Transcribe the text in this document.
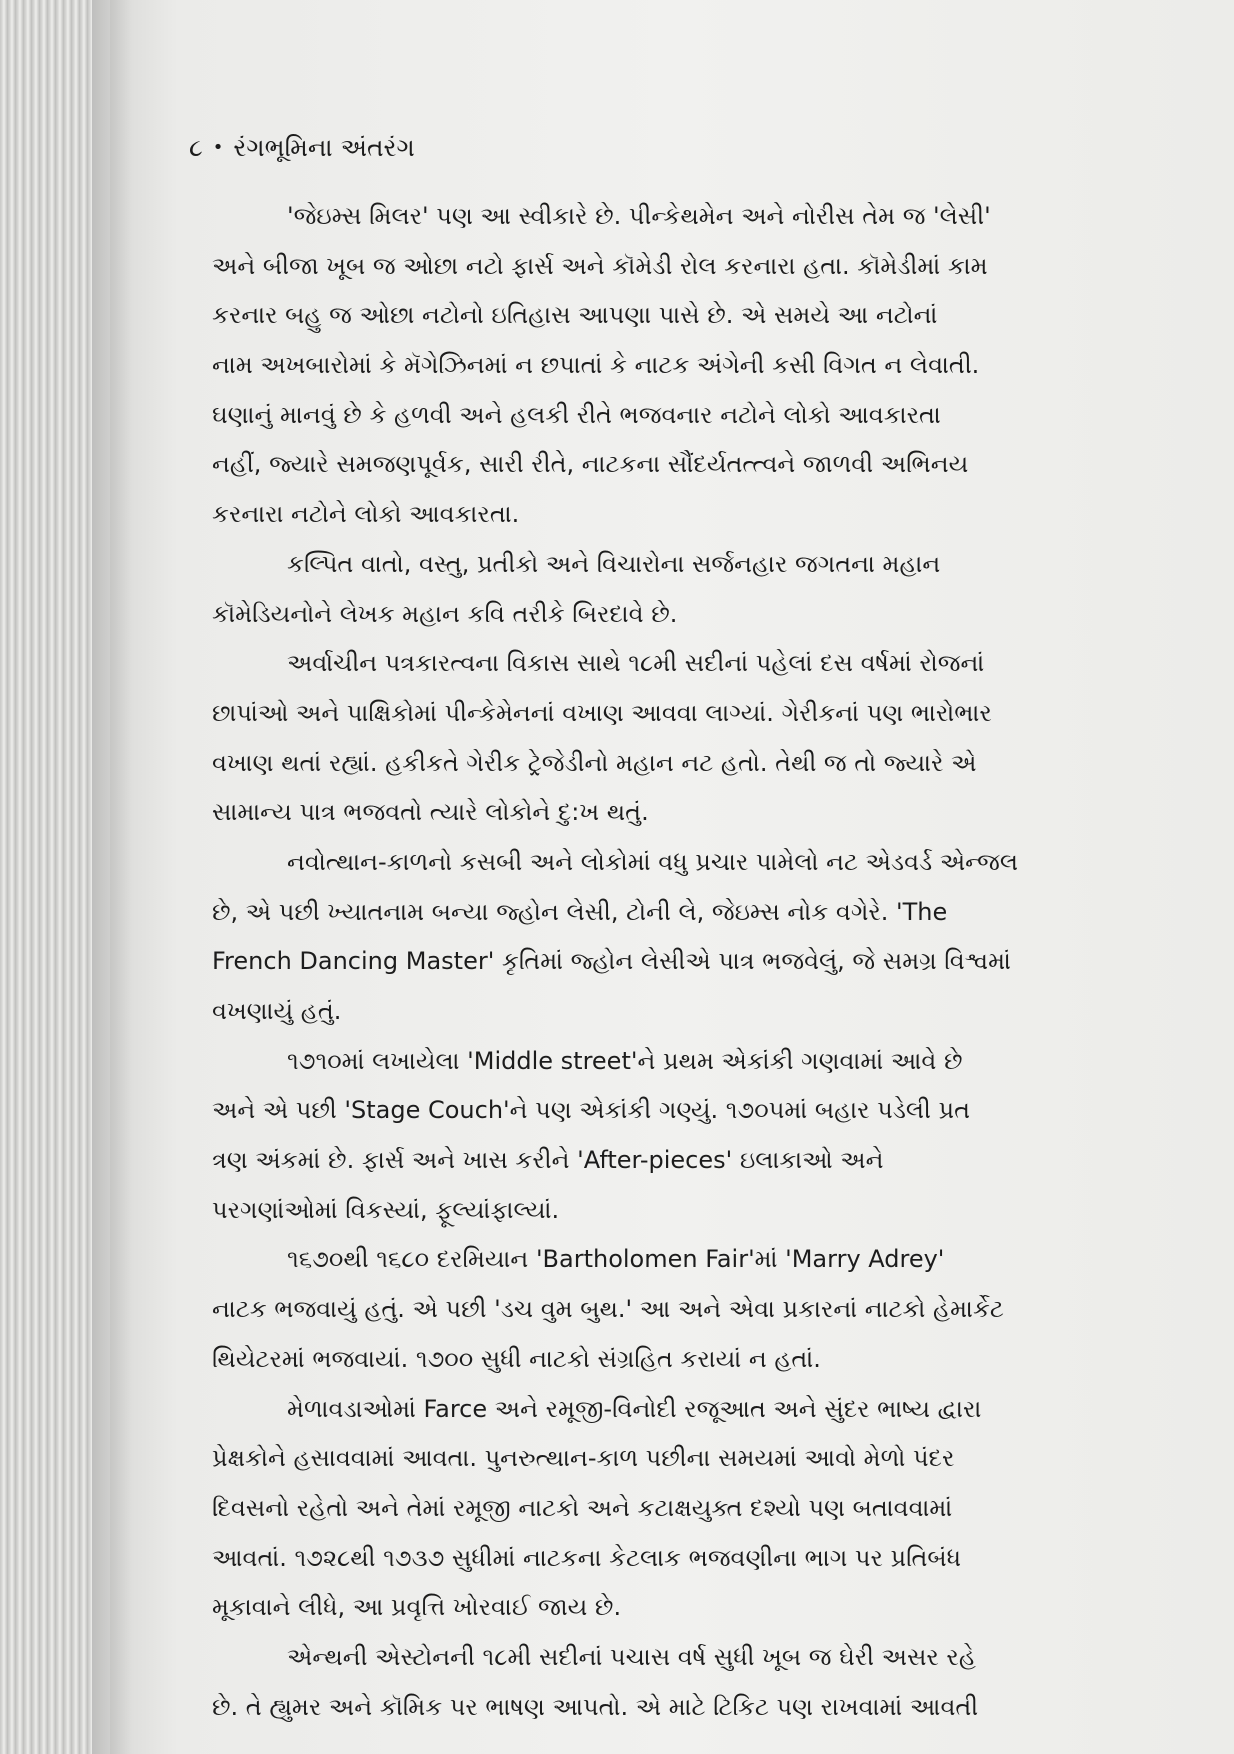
૮ • રંગભૂમિના અંતરંગ
'જેઇમ્સ મિલર' પણ આ સ્વીકારે છે. પીન્કેથમેન અને નોરીસ તેમ જ 'લેસી'
અને બીજા ખૂબ જ ઓછા નટો ફાર્સ અને કૉમેડી રોલ કરનારા હતા. કૉમેડીમાં કામ
કરનાર બહુ જ ઓછા નટોનો ઇતિહાસ આપણા પાસે છે. એ સમયે આ નટોનાં
નામ અખબારોમાં કે મૅગેઝિનમાં ન છપાતાં કે નાટક અંગેની કસી વિગત ન લેવાતી.
ઘણાનું માનવું છે કે હળવી અને હલકી રીતે ભજવનાર નટોને લોકો આવકારતા
નહીં, જ્યારે સમજણપૂર્વક, સારી રીતે, નાટકના સૌંદર્યતત્ત્વને જાળવી અભિનય
કરનારા નટોને લોકો આવકારતા.
કલ્પિત વાતો, વસ્તુ, પ્રતીકો અને વિચારોના સર્જનહાર જગતના મહાન
કૉમેડિયનોને લેખક મહાન કવિ તરીકે બિરદાવે છે.
અર્વાચીન પત્રકારત્વના વિકાસ સાથે ૧૮મી સદીનાં પહેલાં દસ વર્ષમાં રોજનાં
છાપાંઓ અને પાક્ષિકોમાં પીન્કેમેનનાં વખાણ આવવા લાગ્યાં. ગેરીકનાં પણ ભારોભાર
વખાણ થતાં રહ્યાં. હકીકતે ગેરીક ટ્રેજેડીનો મહાન નટ હતો. તેથી જ તો જ્યારે એ
સામાન્ય પાત્ર ભજવતો ત્યારે લોકોને દુ:ખ થતું.
નવોત્થાન-કાળનો કસબી અને લોકોમાં વધુ પ્રચાર પામેલો નટ એડવર્ડ એન્જલ
છે, એ પછી ખ્યાતનામ બન્યા જ્હોન લેસી, ટોની લે, જેઇમ્સ નોક વગેરે. 'The
French Dancing Master' કૃતિમાં જ્હોન લેસીએ પાત્ર ભજવેલું, જે સમગ્ર વિશ્વમાં
વખણાયું હતું.
૧૭૧૦માં લખાયેલા 'Middle street'ને પ્રથમ એકાંકી ગણવામાં આવે છે
અને એ પછી 'Stage Couch'ને પણ એકાંકી ગણ્યું. ૧૭૦૫માં બહાર પડેલી પ્રત
ત્રણ અંકમાં છે. ફાર્સ અને ખાસ કરીને 'After-pieces' ઇલાકાઓ અને
પરગણાંઓમાં વિકસ્યાં, ફૂલ્યાંફાલ્યાં.
૧૬૭૦થી ૧૬૮૦ દરમિયાન 'Bartholomen Fair'માં 'Marry Adrey'
નાટક ભજવાયું હતું. એ પછી 'ડચ વુમ બુથ.' આ અને એવા પ્રકારનાં નાટકો હેમાર્કેટ
થિયેટરમાં ભજવાયાં. ૧૭૦૦ સુધી નાટકો સંગ્રહિત કરાયાં ન હતાં.
મેળાવડાઓમાં Farce અને રમૂજી-વિનોદી રજૂઆત અને સુંદર ભાષ્ય દ્વારા
પ્રેક્ષકોને હસાવવામાં આવતા. પુનરુત્થાન-કાળ પછીના સમયમાં આવો મેળો પંદર
દિવસનો રહેતો અને તેમાં રમૂજી નાટકો અને કટાક્ષયુક્ત દશ્યો પણ બતાવવામાં
આવતાં. ૧૭૨૮થી ૧૭૩૭ સુધીમાં નાટકના કેટલાક ભજવણીના ભાગ પર પ્રતિબંધ
મૂકાવાને લીધે, આ પ્રવૃત્તિ ખોરવાઈ જાય છે.
એન્થની એસ્ટોનની ૧૮મી સદીનાં પચાસ વર્ષ સુધી ખૂબ જ ઘેરી અસર રહે
છે. તે હ્યુમર અને કૉમિક પર ભાષણ આપતો. એ માટે ટિકિટ પણ રાખવામાં આવતી
